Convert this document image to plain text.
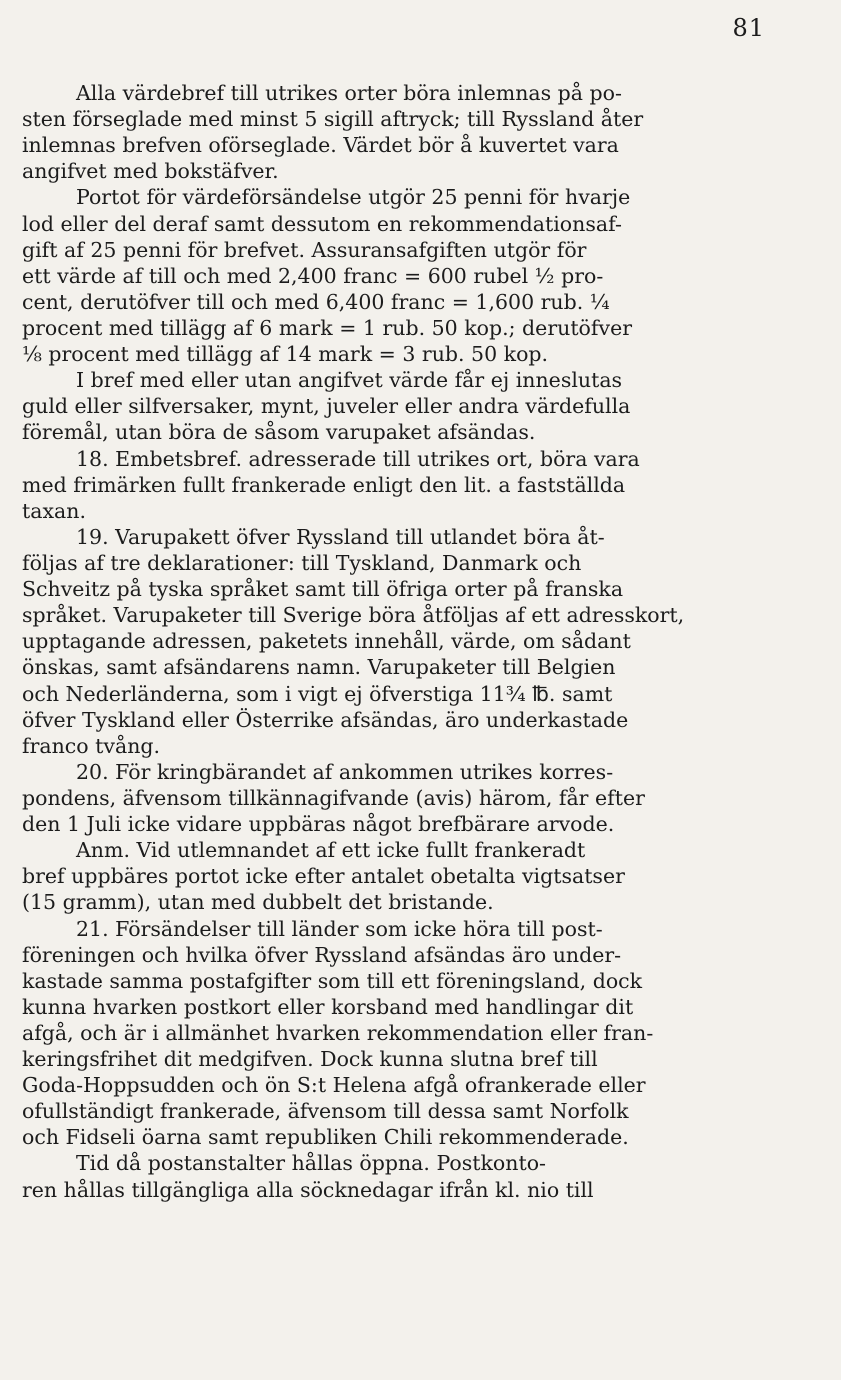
81
Alla värdebref till utrikes orter böra inlemnas på po-
sten förseglade med minst 5 sigill aftryck; till Ryssland åter
inlemnas brefven oförseglade. Värdet bör å kuvertet vara
angifvet med bokstäfver.
Portot för värdeförsändelse utgör 25 penni för hvarje
lod eller del deraf samt dessutom en rekommendationsaf-
gift af 25 penni för brefvet. Assuransafgiften utgör för
ett värde af till och med 2,400 franc = 600 rubel ½ pro-
cent, derutöfver till och med 6,400 franc = 1,600 rub. ¼
procent med tillägg af 6 mark = 1 rub. 50 kop.; derutöfver
⅛ procent med tillägg af 14 mark = 3 rub. 50 kop.
I bref med eller utan angifvet värde får ej inneslutas
guld eller silfversaker, mynt, juveler eller andra värdefulla
föremål, utan böra de såsom varupaket afsändas.
18. Embetsbref. adresserade till utrikes ort, böra vara
med frimärken fullt frankerade enligt den lit. a fastställda
taxan.
19. Varupakett öfver Ryssland till utlandet böra åt-
följas af tre deklarationer: till Tyskland, Danmark och
Schveitz på tyska språket samt till öfriga orter på franska
språket. Varupaketer till Sverige böra åtföljas af ett adresskort,
upptagande adressen, paketets innehåll, värde, om sådant
önskas, samt afsändarens namn. Varupaketer till Belgien
och Nederländerna, som i vigt ej öfverstiga 11¾ ℔. samt
öfver Tyskland eller Österrike afsändas, äro underkastade
franco tvång.
20. För kringbärandet af ankommen utrikes korres-
pondens, äfvensom tillkännagifvande (avis) härom, får efter
den 1 Juli icke vidare uppbäras något brefbärare arvode.
Anm. Vid utlemnandet af ett icke fullt frankeradt
bref uppbäres portot icke efter antalet obetalta vigtsatser
(15 gramm), utan med dubbelt det bristande.
21. Försändelser till länder som icke höra till post-
föreningen och hvilka öfver Ryssland afsändas äro under-
kastade samma postafgifter som till ett föreningsland, dock
kunna hvarken postkort eller korsband med handlingar dit
afgå, och är i allmänhet hvarken rekommendation eller fran-
keringsfrihet dit medgifven. Dock kunna slutna bref till
Goda-Hoppsudden och ön S:t Helena afgå ofrankerade eller
ofullständigt frankerade, äfvensom till dessa samt Norfolk
och Fidseli öarna samt republiken Chili rekommenderade.
Tid då postanstalter hållas öppna. Postkonto-
ren hållas tillgängliga alla söcknedagar ifrån kl. nio till
